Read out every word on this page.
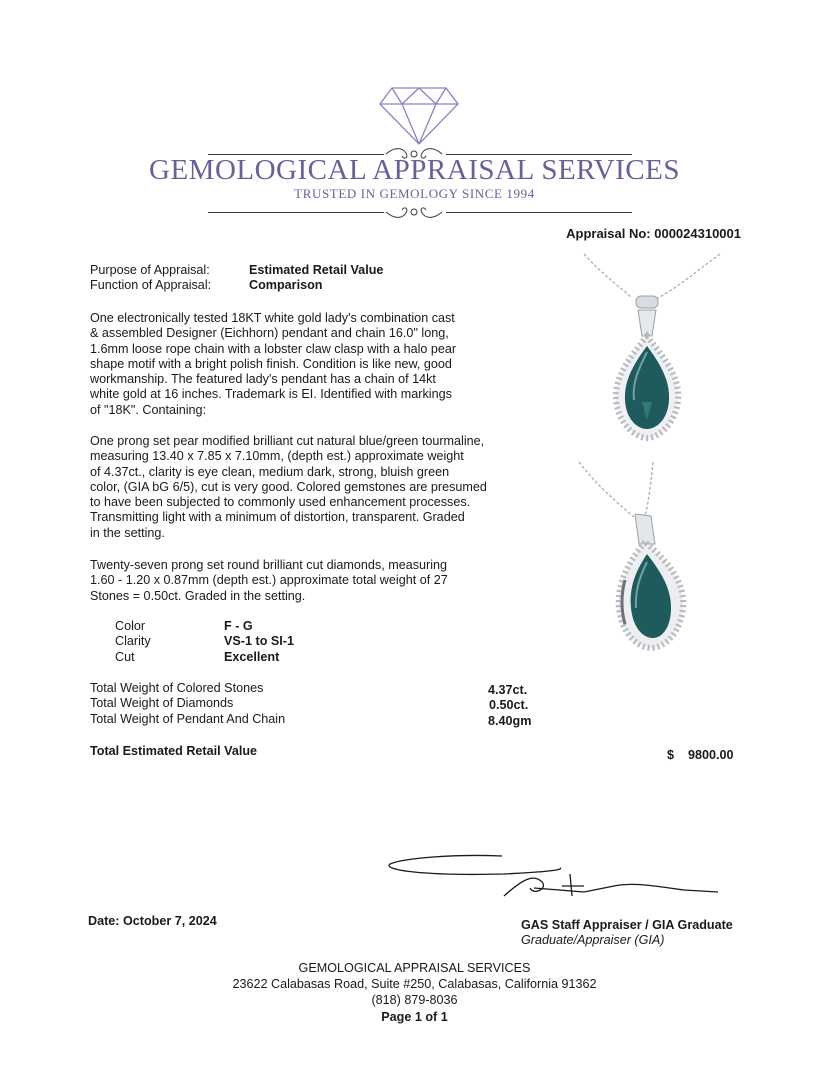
GEMOLOGICAL APPRAISAL SERVICES
TRUSTED IN GEMOLOGY SINCE 1994
Appraisal No: 000024310001
Purpose of Appraisal:	Estimated Retail Value
Function of Appraisal:	Comparison
One electronically tested 18KT white gold lady's combination cast
& assembled Designer (Eichhorn) pendant and chain 16.0" long,
1.6mm loose rope chain with a lobster claw clasp with a halo pear
shape motif with a bright polish finish. Condition is like new, good
workmanship. The featured lady's pendant has a chain of 14kt
white gold at 16 inches. Trademark is EI. Identified with markings
of "18K". Containing:
One prong set pear modified brilliant cut natural blue/green tourmaline,
measuring 13.40 x 7.85 x 7.10mm, (depth est.) approximate weight
of 4.37ct., clarity is eye clean, medium dark, strong, bluish green
color, (GIA bG 6/5), cut is very good. Colored gemstones are presumed
to have been subjected to commonly used enhancement processes.
Transmitting light with a minimum of distortion, transparent. Graded
in the setting.
Twenty-seven prong set round brilliant cut diamonds, measuring
1.60 - 1.20 x 0.87mm (depth est.) approximate total weight of 27
Stones = 0.50ct. Graded in the setting.
Color	F - G
Clarity	VS-1 to SI-1
Cut	Excellent
Total Weight of Colored Stones	4.37ct.
Total Weight of Diamonds	0.50ct.
Total Weight of Pendant And Chain	8.40gm
Total Estimated Retail Value	$ 9800.00
Date: October 7, 2024	GAS Staff Appraiser / GIA Graduate
Graduate/Appraiser (GIA)
GEMOLOGICAL APPRAISAL SERVICES
23622 Calabasas Road, Suite #250, Calabasas, California 91362
(818) 879-8036
Page 1 of 1
